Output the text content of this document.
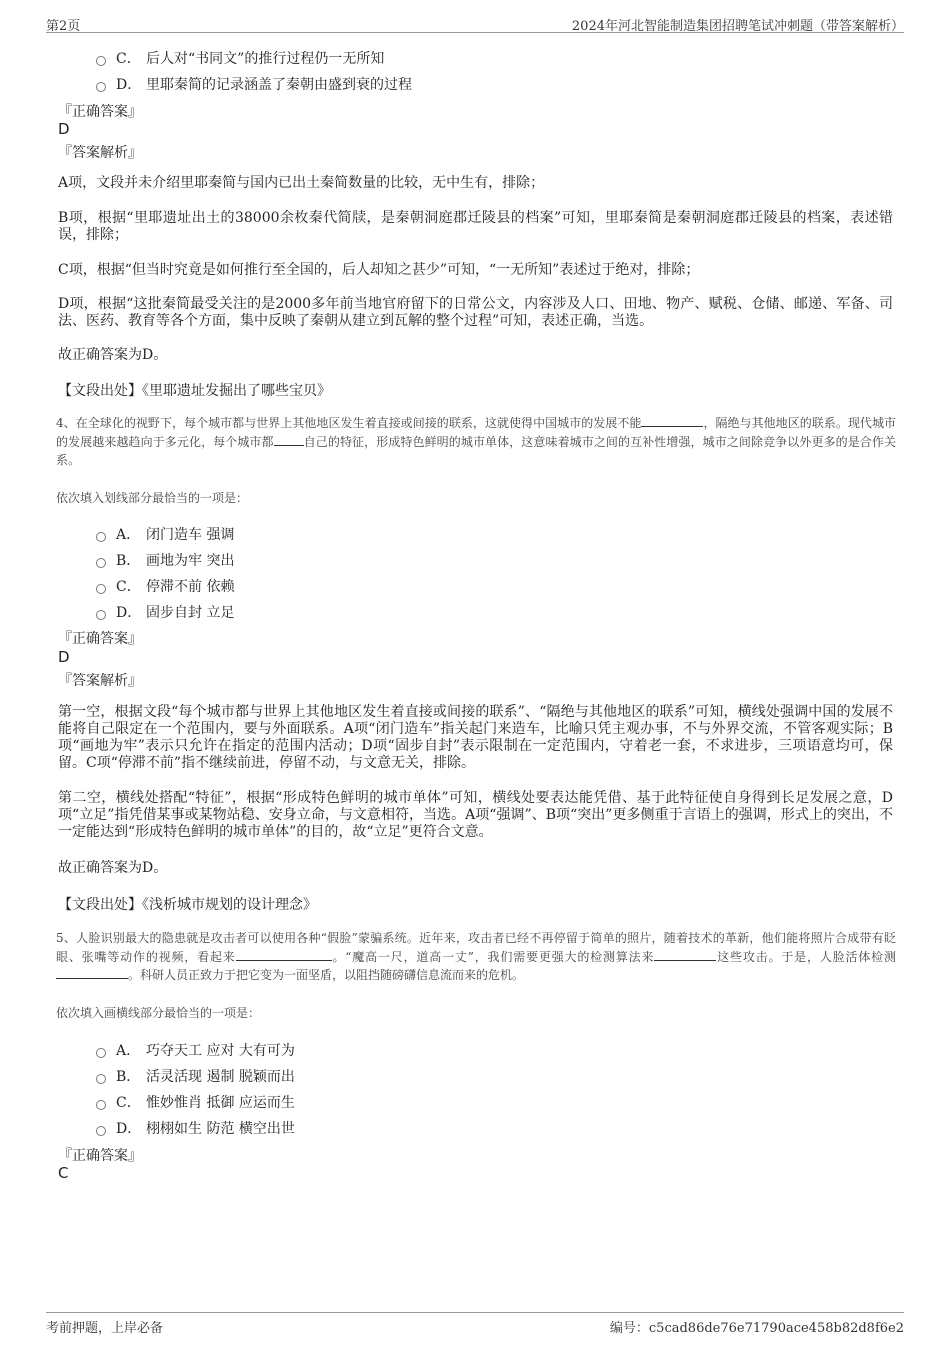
第2页	2024年河北智能制造集团招聘笔试冲刺题（带答案解析）
C． 后人对“书同文”的推行过程仍一无所知
D． 里耶秦简的记录涵盖了秦朝由盛到衰的过程
『正确答案』
D
『答案解析』
A项，文段并未介绍里耶秦简与国内已出土秦简数量的比较，无中生有，排除；
B项，根据“里耶遗址出土的38000余枚秦代简牍，是秦朝洞庭郡迁陵县的档案”可知，里耶秦简是秦朝洞庭郡迁陵县的档案，表述错误，排除；
C项，根据“但当时究竟是如何推行至全国的，后人却知之甚少”可知，“一无所知”表述过于绝对，排除；
D项，根据“这批秦简最受关注的是2000多年前当地官府留下的日常公文，内容涉及人口、田地、物产、赋税、仓储、邮递、军备、司法、医药、教育等各个方面，集中反映了秦朝从建立到瓦解的整个过程”可知，表述正确，当选。
故正确答案为D。
【文段出处】《里耶遗址发掘出了哪些宝贝》
4、在全球化的视野下，每个城市都与世界上其他地区发生着直接或间接的联系，这就使得中国城市的发展不能	，隔绝与其他地区的联系。现代城市的发展越来越趋向于多元化，每个城市都	自己的特征，形成特色鲜明的城市单体，这意味着城市之间的互补性增强，城市之间除竞争以外更多的是合作关系。
依次填入划线部分最恰当的一项是：
A． 闭门造车 强调
B． 画地为牢 突出
C． 停滞不前 依赖
D． 固步自封 立足
『正确答案』
D
『答案解析』
第一空，根据文段“每个城市都与世界上其他地区发生着直接或间接的联系”、“隔绝与其他地区的联系”可知，横线处强调中国的发展不能将自己限定在一个范围内，要与外面联系。A项“闭门造车”指关起门来造车，比喻只凭主观办事，不与外界交流，不管客观实际；B项“画地为牢”表示只允许在指定的范围内活动；D项“固步自封”表示限制在一定范围内，守着老一套，不求进步，三项语意均可，保留。C项“停滞不前”指不继续前进，停留不动，与文意无关，排除。
第二空，横线处搭配“特征”，根据“形成特色鲜明的城市单体”可知，横线处要表达能凭借、基于此特征使自身得到长足发展之意，D项“立足”指凭借某事或某物站稳、安身立命，与文意相符，当选。A项“强调”、B项“突出”更多侧重于言语上的强调，形式上的突出，不一定能达到“形成特色鲜明的城市单体”的目的，故“立足”更符合文意。
故正确答案为D。
【文段出处】《浅析城市规划的设计理念》
5、人脸识别最大的隐患就是攻击者可以使用各种“假脸”蒙骗系统。近年来，攻击者已经不再停留于简单的照片，随着技术的革新，他们能将照片合成带有眨眼、张嘴等动作的视频，看起来	。“魔高一尺，道高一丈”，我们需要更强大的检测算法来	这些攻击。于是，人脸活体检测。科研人员正致力于把它变为一面坚盾，以阻挡随磅礴信息流而来的危机。
依次填入画横线部分最恰当的一项是：
A． 巧夺天工 应对 大有可为
B． 活灵活现 遏制 脱颖而出
C． 惟妙惟肖 抵御 应运而生
D． 栩栩如生 防范 横空出世
『正确答案』
C
考前押题，上岸必备	编号：c5cad86de76e71790ace458b82d8f6e2
